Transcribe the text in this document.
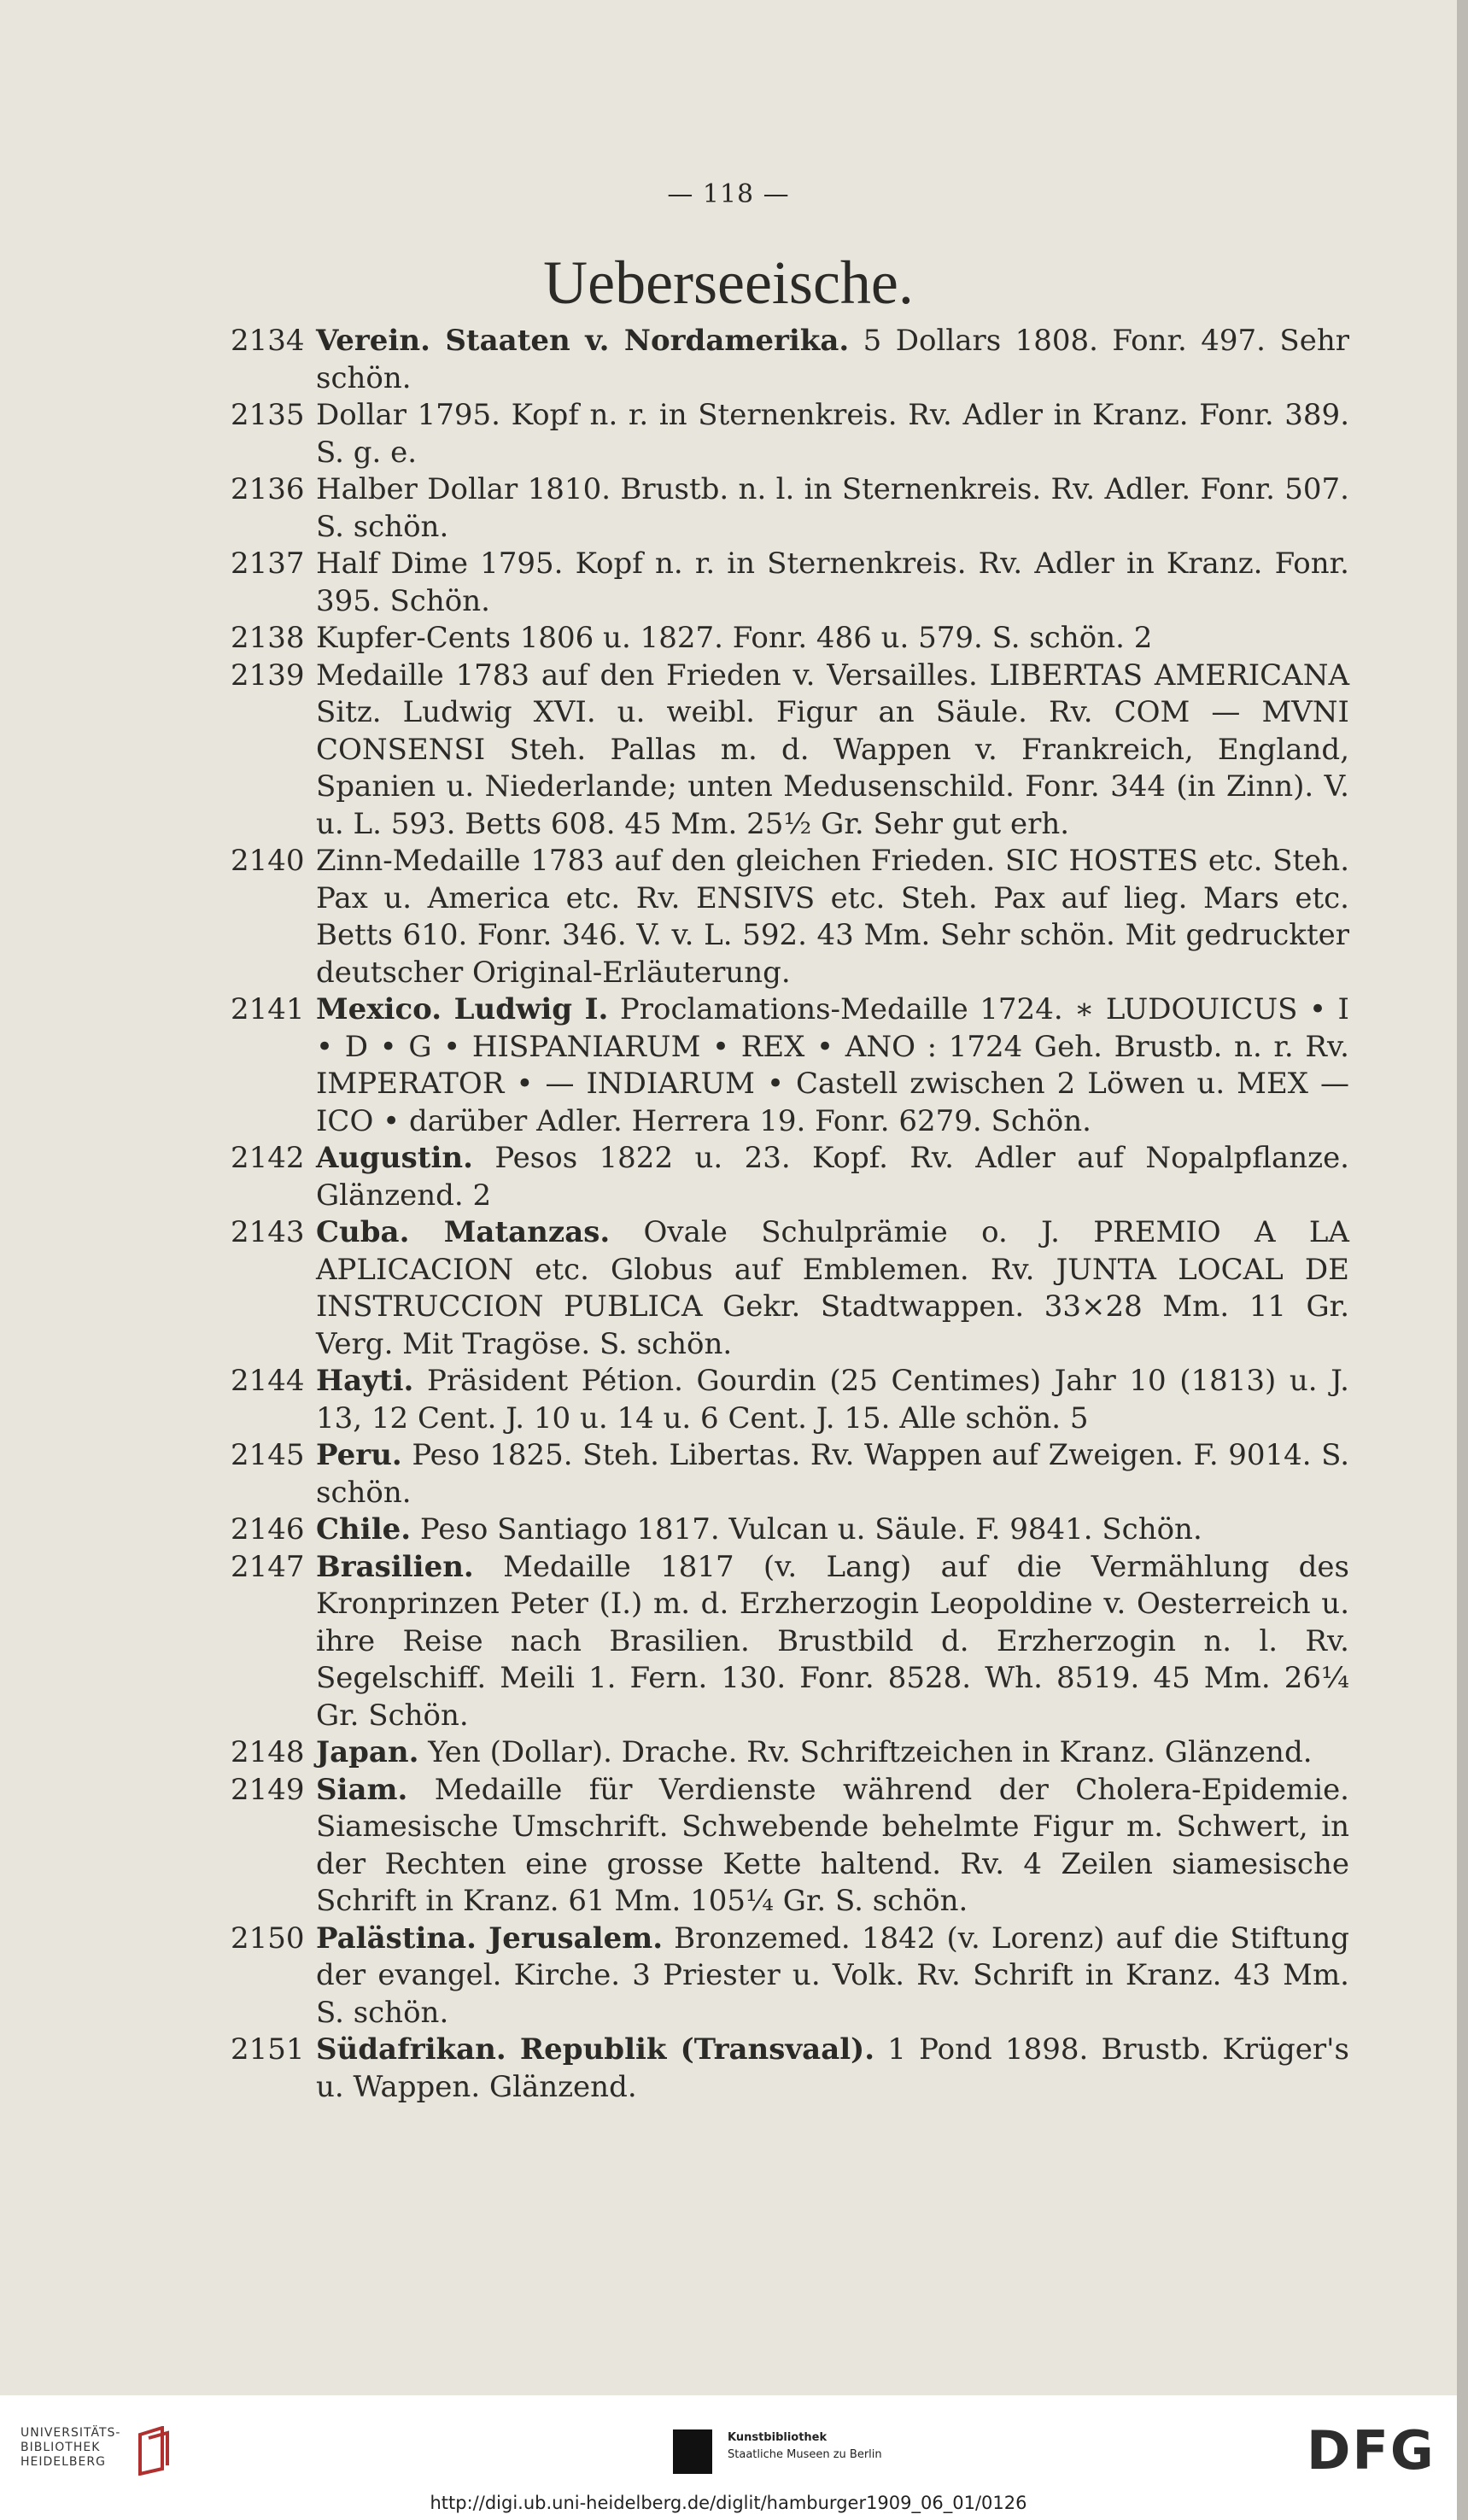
— 118 —
Ueberseeische.
2134 Verein. Staaten v. Nordamerika. 5 Dollars 1808. Fonr. 497. Sehr schön.
2135 Dollar 1795. Kopf n. r. in Sternenkreis. Rv. Adler in Kranz. Fonr. 389. S. g. e.
2136 Halber Dollar 1810. Brustb. n. l. in Sternenkreis. Rv. Adler. Fonr. 507. S. schön.
2137 Half Dime 1795. Kopf n. r. in Sternenkreis. Rv. Adler in Kranz. Fonr. 395. Schön.
2138 Kupfer-Cents 1806 u. 1827. Fonr. 486 u. 579. S. schön. 2
2139 Medaille 1783 auf den Frieden v. Versailles. LIBERTAS AMERICANA Sitz. Ludwig XVI. u. weibl. Figur an Säule. Rv. COM — MVNI CONSENSI Steh. Pallas m. d. Wappen v. Frankreich, England, Spanien u. Niederlande; unten Medusenschild. Fonr. 344 (in Zinn). V. u. L. 593. Betts 608. 45 Mm. 25½ Gr. Sehr gut erh.
2140 Zinn-Medaille 1783 auf den gleichen Frieden. SIC HOSTES etc. Steh. Pax u. America etc. Rv. ENSIVS etc. Steh. Pax auf lieg. Mars etc. Betts 610. Fonr. 346. V. v. L. 592. 43 Mm. Sehr schön. Mit gedruckter deutscher Original-Erläuterung.
2141 Mexico. Ludwig I. Proclamations-Medaille 1724. ∗ LUDOUICUS • I • D • G • HISPANIARUM • REX • ANO : 1724 Geh. Brustb. n. r. Rv. IMPERATOR • — INDIARUM • Castell zwischen 2 Löwen u. MEX — ICO • darüber Adler. Herrera 19. Fonr. 6279. Schön.
2142 Augustin. Pesos 1822 u. 23. Kopf. Rv. Adler auf Nopalpflanze. Glänzend. 2
2143 Cuba. Matanzas. Ovale Schulprämie o. J. PREMIO A LA APLICACION etc. Globus auf Emblemen. Rv. JUNTA LOCAL DE INSTRUCCION PUBLICA Gekr. Stadtwappen. 33×28 Mm. 11 Gr. Verg. Mit Tragöse. S. schön.
2144 Hayti. Präsident Pétion. Gourdin (25 Centimes) Jahr 10 (1813) u. J. 13, 12 Cent. J. 10 u. 14 u. 6 Cent. J. 15. Alle schön. 5
2145 Peru. Peso 1825. Steh. Libertas. Rv. Wappen auf Zweigen. F. 9014. S. schön.
2146 Chile. Peso Santiago 1817. Vulcan u. Säule. F. 9841. Schön.
2147 Brasilien. Medaille 1817 (v. Lang) auf die Vermählung des Kronprinzen Peter (I.) m. d. Erzherzogin Leopoldine v. Oesterreich u. ihre Reise nach Brasilien. Brustbild d. Erzherzogin n. l. Rv. Segelschiff. Meili 1. Fern. 130. Fonr. 8528. Wh. 8519. 45 Mm. 26¼ Gr. Schön.
2148 Japan. Yen (Dollar). Drache. Rv. Schriftzeichen in Kranz. Glänzend.
2149 Siam. Medaille für Verdienste während der Cholera-Epidemie. Siamesische Umschrift. Schwebende behelmte Figur m. Schwert, in der Rechten eine grosse Kette haltend. Rv. 4 Zeilen siamesische Schrift in Kranz. 61 Mm. 105¼ Gr. S. schön.
2150 Palästina. Jerusalem. Bronzemed. 1842 (v. Lorenz) auf die Stiftung der evangel. Kirche. 3 Priester u. Volk. Rv. Schrift in Kranz. 43 Mm. S. schön.
2151 Südafrikan. Republik (Transvaal). 1 Pond 1898. Brustb. Krüger's u. Wappen. Glänzend.
UNIVERSITÄTS-
BIBLIOTHEK
HEIDELBERG
Kunstbibliothek
Staatliche Museen zu Berlin	DFG
http://digi.ub.uni-heidelberg.de/diglit/hamburger1909_06_01/0126
